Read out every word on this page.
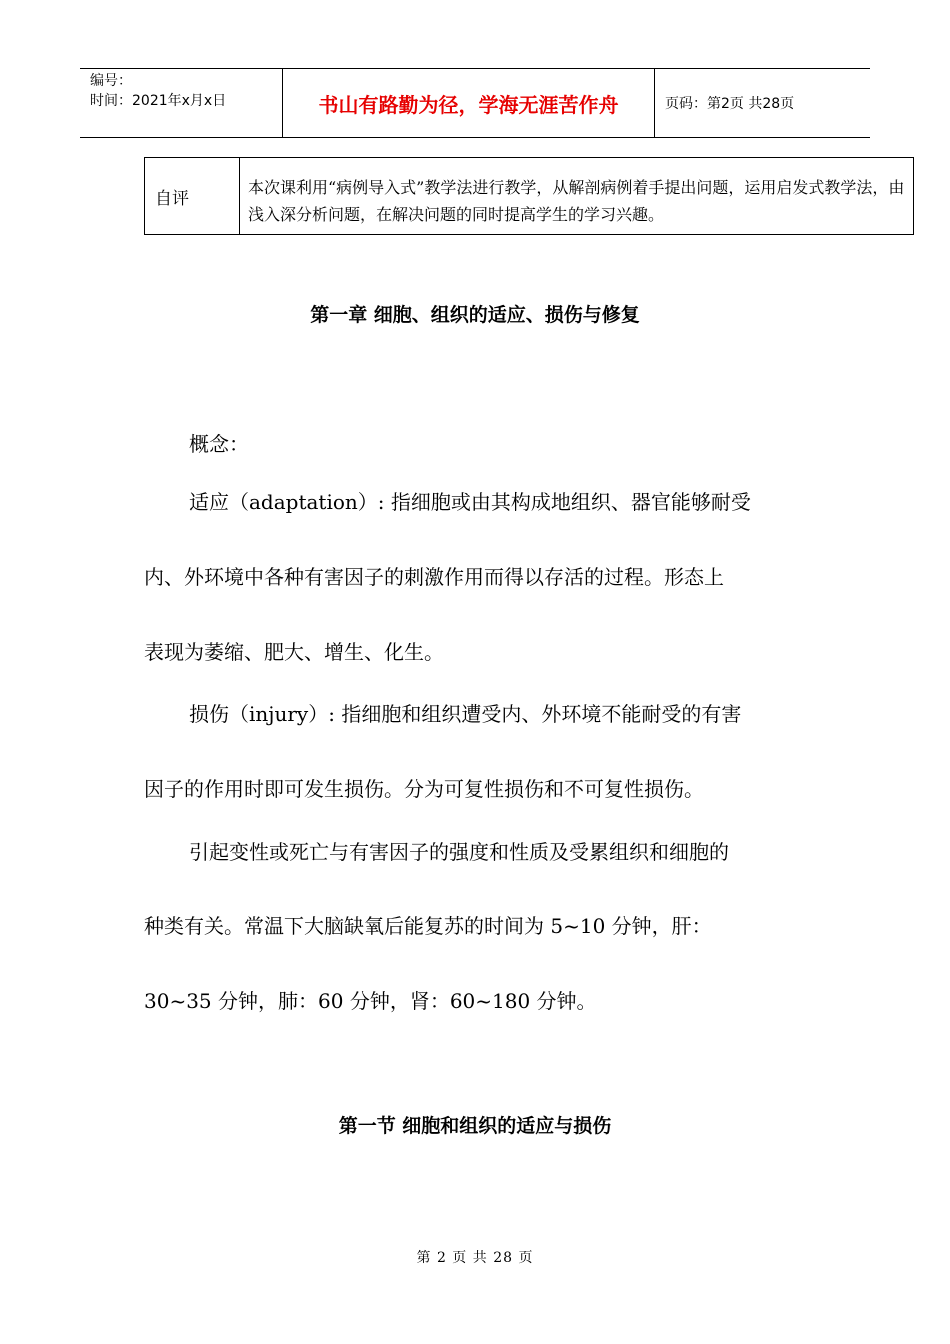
编号：
时间：2021年x月x日	书山有路勤为径，学海无涯苦作舟	页码：第2页 共28页
自评
本次课利用“病例导入式”教学法进行教学，从解剖病例着手提出问题，运用启发式教学法，由浅入深分析问题，在解决问题的同时提高学生的学习兴趣。
第一章 细胞、组织的适应、损伤与修复
概念：
适应（adaptation）: 指细胞或由其构成地组织、器官能够耐受
内、外环境中各种有害因子的刺激作用而得以存活的过程。形态上
表现为萎缩、肥大、增生、化生。
损伤（injury）: 指细胞和组织遭受内、外环境不能耐受的有害
因子的作用时即可发生损伤。分为可复性损伤和不可复性损伤。
引起变性或死亡与有害因子的强度和性质及受累组织和细胞的
种类有关。常温下大脑缺氧后能复苏的时间为 5~10 分钟，肝：
30~35 分钟，肺：60 分钟，肾：60~180 分钟。
第一节 细胞和组织的适应与损伤
第 2 页 共 28 页
